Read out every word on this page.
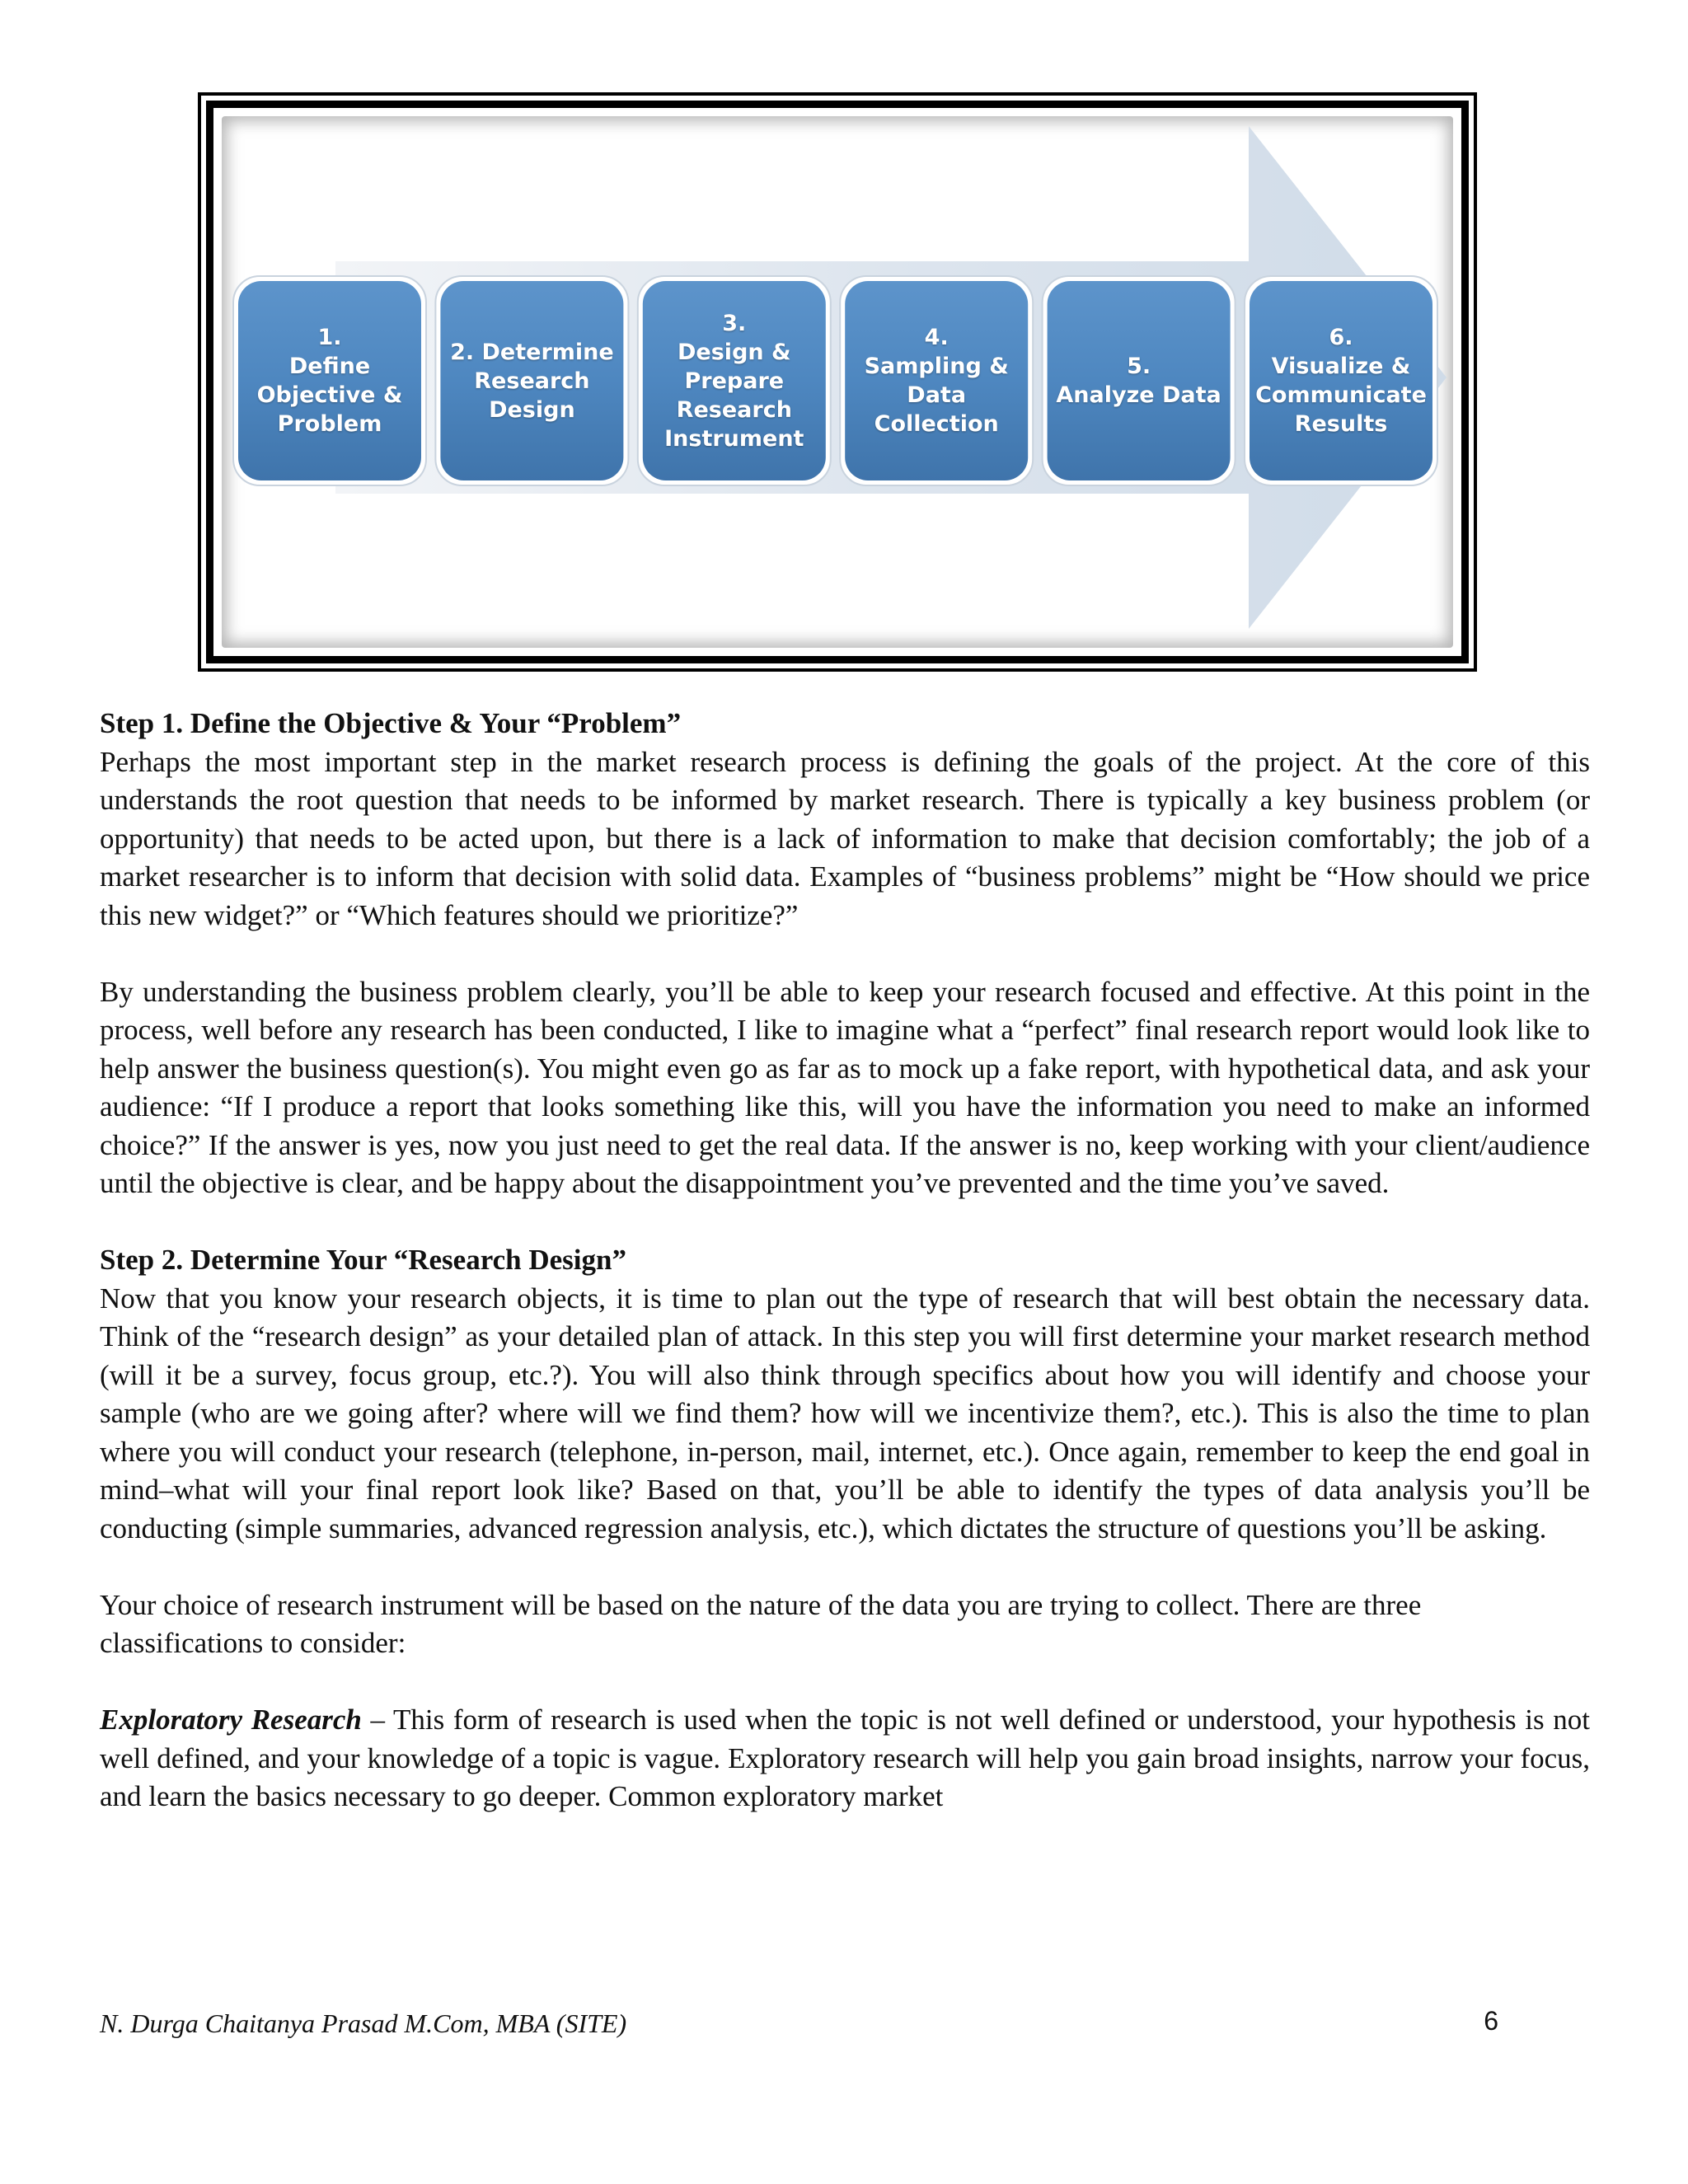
1.
Define
Objective &
Problem
2. Determine
Research
Design
3.
Design &
Prepare
Research
Instrument
4.
Sampling &
Data
Collection
5.
Analyze Data
6.
Visualize &
Communicate
Results

Step 1. Define the Objective & Your “Problem”

Perhaps the most important step in the market research process is defining the goals of the project. At the core of this understands the root question that needs to be informed by market research. There is typically a key business problem (or opportunity) that needs to be acted upon, but there is a lack of information to make that decision comfortably; the job of a market researcher is to inform that decision with solid data. Examples of “business problems” might be “How should we price this new widget?” or “Which features should we prioritize?”

By understanding the business problem clearly, you’ll be able to keep your research focused and effective. At this point in the process, well before any research has been conducted, I like to imagine what a “perfect” final research report would look like to help answer the business question(s). You might even go as far as to mock up a fake report, with hypothetical data, and ask your audience: “If I produce a report that looks something like this, will you have the information you need to make an informed choice?” If the answer is yes, now you just need to get the real data. If the answer is no, keep working with your client/audience until the objective is clear, and be happy about the disappointment you’ve prevented and the time you’ve saved.

Step 2. Determine Your “Research Design”

Now that you know your research objects, it is time to plan out the type of research that will best obtain the necessary data. Think of the “research design” as your detailed plan of attack. In this step you will first determine your market research method (will it be a survey, focus group, etc.?). You will also think through specifics about how you will identify and choose your sample (who are we going after? where will we find them? how will we incentivize them?, etc.). This is also the time to plan where you will conduct your research (telephone, in-person, mail, internet, etc.). Once again, remember to keep the end goal in mind–what will your final report look like? Based on that, you’ll be able to identify the types of data analysis you’ll be conducting (simple summaries, advanced regression analysis, etc.), which dictates the structure of questions you’ll be asking.

Your choice of research instrument will be based on the nature of the data you are trying to collect. There are three classifications to consider:

Exploratory Research – This form of research is used when the topic is not well defined or understood, your hypothesis is not well defined, and your knowledge of a topic is vague. Exploratory research will help you gain broad insights, narrow your focus, and learn the basics necessary to go deeper. Common exploratory market

N. Durga Chaitanya Prasad M.Com, MBA (SITE)	6
